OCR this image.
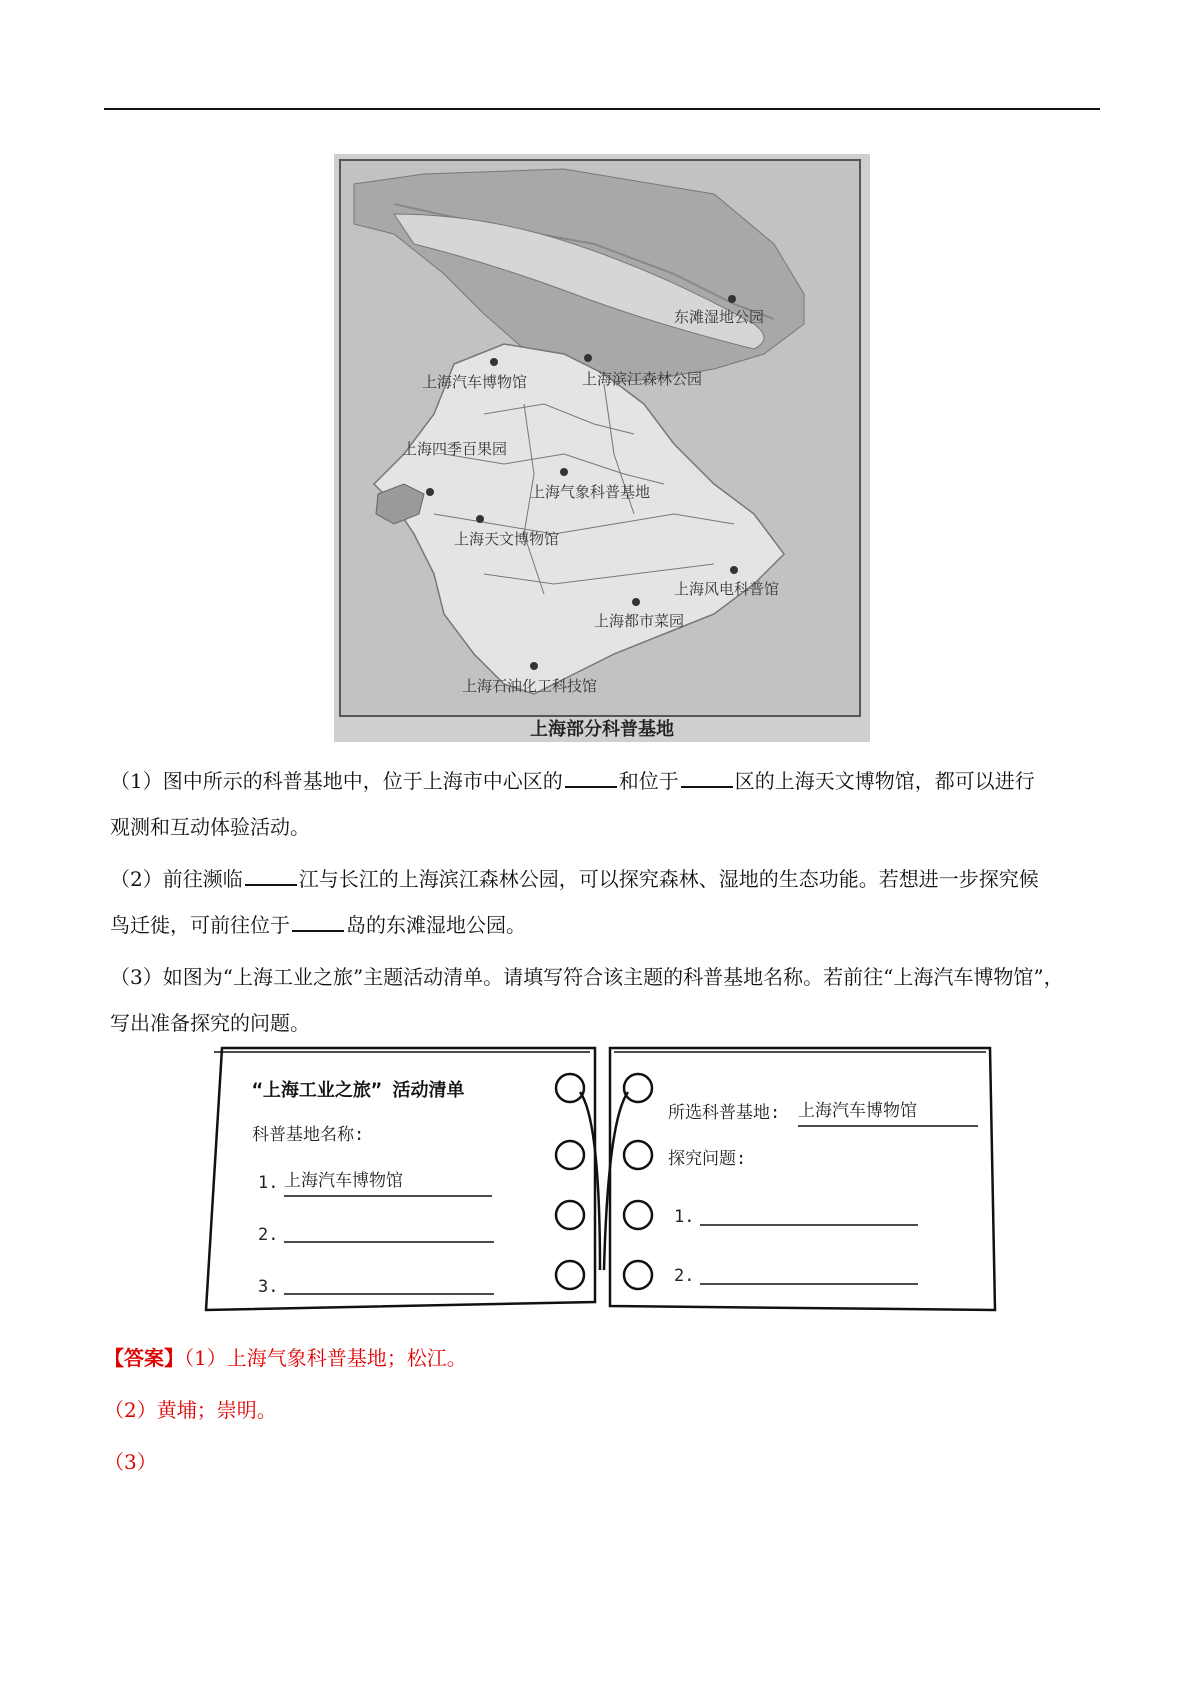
东滩湿地公园
上海汽车博物馆	上海滨江森林公园
上海四季百果园
上海气象科普基地
上海天文博物馆
上海风电科普馆
上海都市菜园
上海石油化工科技馆
上海部分科普基地
（1）图中所示的科普基地中，位于上海市中心区的	和位于	区的上海天文博物馆，都可以进行
观测和互动体验活动。
（2）前往濒临	江与长江的上海滨江森林公园，可以探究森林、湿地的生态功能。若想进一步探究候
鸟迁徙，可前往位于	岛的东滩湿地公园。
（3）如图为“上海工业之旅”主题活动清单。请填写符合该主题的科普基地名称。若前往“上海汽车博物馆”，
写出准备探究的问题。
“上海工业之旅” 活动清单
科普基地名称:
1. 上海汽车博物馆
2.
3.
所选科普基地: 上海汽车博物馆
探究问题:
1.
2.
【答案】（1）上海气象科普基地；松江。
（2）黄埔；崇明。
（3）
